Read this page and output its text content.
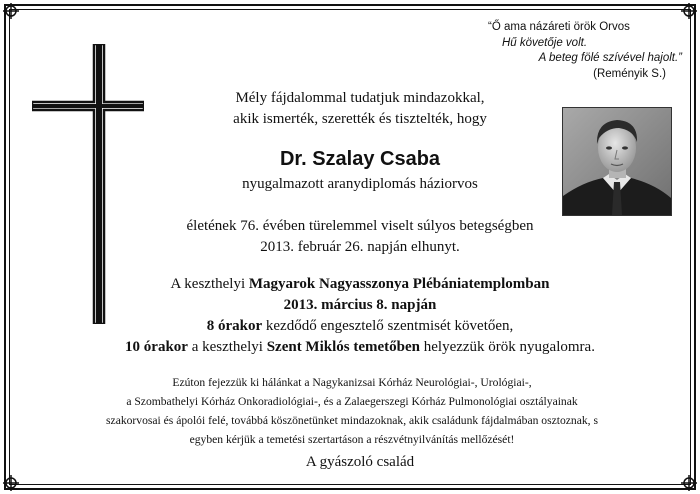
“Ő ama názáreti örök Orvos
Hű követője volt.
A beteg fölé szívével hajolt.”
(Reményik S.)
Mély fájdalommal tudatjuk mindazokkal,
akik ismerték, szerették és tisztelték, hogy
Dr. Szalay Csaba
nyugalmazott aranydiplomás háziorvos
életének 76. évében türelemmel viselt súlyos betegségben
2013. február 26. napján elhunyt.
A keszthelyi Magyarok Nagyasszonya Plébániatemplomban
2013. március 8. napján
8 órakor kezdődő engesztelő szentmisét követően,
10 órakor a keszthelyi Szent Miklós temetőben helyezzük örök nyugalomra.
Ezúton fejezzük ki hálánkat a Nagykanizsai Kórház Neurológiai-, Urológiai-,
a Szombathelyi Kórház Onkoradiológiai-, és a Zalaegerszegi Kórház Pulmonológiai osztályainak
szakorvosai és ápolói felé, továbbá köszönetünket mindazoknak, akik családunk fájdalmában osztoznak, s
egyben kérjük a temetési szertartáson a részvétnyilvánítás mellőzését!
A gyászoló család
